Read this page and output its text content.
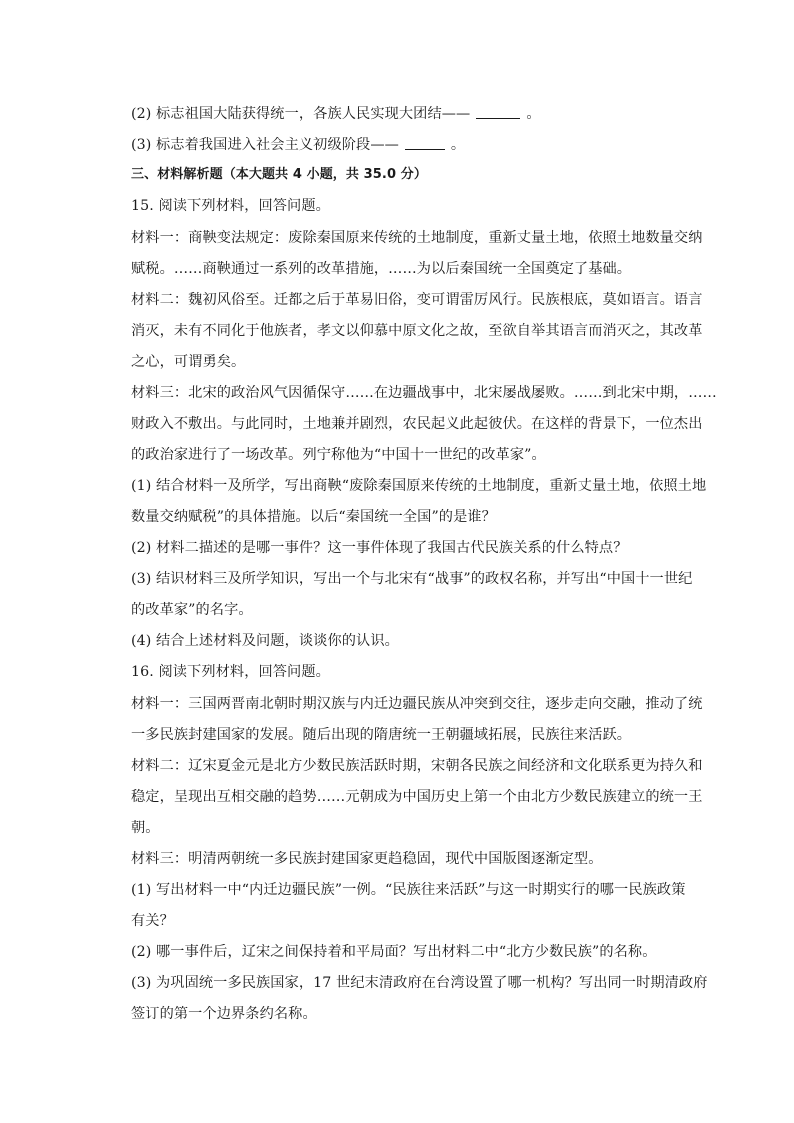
(2) 标志祖国大陆获得统一，各族人民实现大团结——	。
(3) 标志着我国进入社会主义初级阶段——	。
三、材料解析题（本大题共 4 小题，共 35.0 分）
15. 阅读下列材料，回答问题。
材料一：商鞅变法规定：废除秦国原来传统的土地制度，重新丈量土地，依照土地数量交纳
赋税。……商鞅通过一系列的改革措施，……为以后秦国统一全国奠定了基础。
材料二：魏初风俗至。迁都之后于革易旧俗，变可谓雷厉风行。民族根底，莫如语言。语言
消灭，未有不同化于他族者，孝文以仰慕中原文化之故，至欲自举其语言而消灭之，其改革
之心，可谓勇矣。
材料三：北宋的政治风气因循保守……在边疆战事中，北宋屡战屡败。……到北宋中期，……
财政入不敷出。与此同时，土地兼并剧烈，农民起义此起彼伏。在这样的背景下，一位杰出
的政治家进行了一场改革。列宁称他为“中国十一世纪的改革家”。
(1) 结合材料一及所学，写出商鞅“废除秦国原来传统的土地制度，重新丈量土地，依照土地
数量交纳赋税”的具体措施。以后“秦国统一全国”的是谁？
(2) 材料二描述的是哪一事件？这一事件体现了我国古代民族关系的什么特点？
(3) 结识材料三及所学知识，写出一个与北宋有“战事”的政权名称，并写出“中国十一世纪
的改革家”的名字。
(4) 结合上述材料及问题，谈谈你的认识。
16. 阅读下列材料，回答问题。
材料一：三国两晋南北朝时期汉族与内迁边疆民族从冲突到交往，逐步走向交融，推动了统
一多民族封建国家的发展。随后出现的隋唐统一王朝疆域拓展，民族往来活跃。
材料二：辽宋夏金元是北方少数民族活跃时期，宋朝各民族之间经济和文化联系更为持久和
稳定，呈现出互相交融的趋势……元朝成为中国历史上第一个由北方少数民族建立的统一王
朝。
材料三：明清两朝统一多民族封建国家更趋稳固，现代中国版图逐渐定型。
(1) 写出材料一中“内迁边疆民族”一例。“民族往来活跃”与这一时期实行的哪一民族政策
有关？
(2) 哪一事件后，辽宋之间保持着和平局面？写出材料二中“北方少数民族”的名称。
(3) 为巩固统一多民族国家，17 世纪末清政府在台湾设置了哪一机构？写出同一时期清政府
签订的第一个边界条约名称。
